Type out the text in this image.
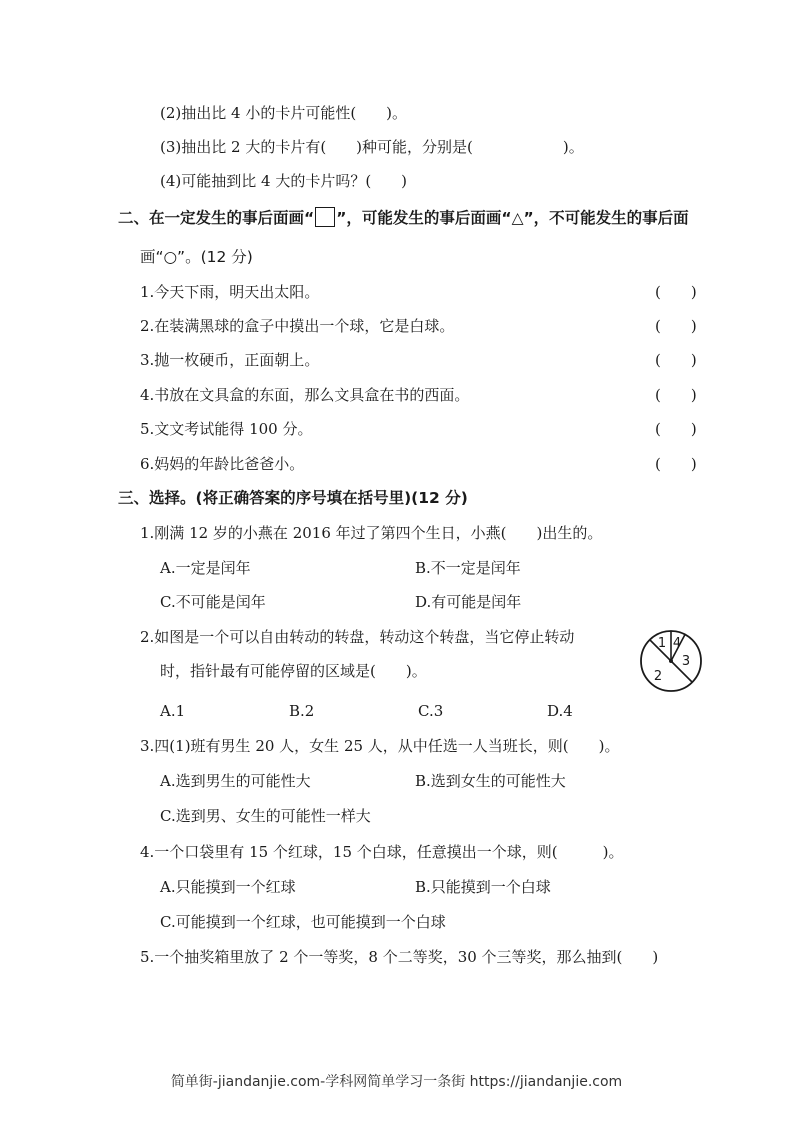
(2)抽出比 4 小的卡片可能性(　　)。
(3)抽出比 2 大的卡片有(　　)种可能，分别是(　　　　　　)。
(4)可能抽到比 4 大的卡片吗？(　　)
二、在一定发生的事后面画“ ”，可能发生的事后面画“△”，不可能发生的事后面
画“○”。(12 分)
1.今天下雨，明天出太阳。	(　　)
2.在装满黑球的盒子中摸出一个球，它是白球。	(　　)
3.抛一枚硬币，正面朝上。	(　　)
4.书放在文具盒的东面，那么文具盒在书的西面。	(　　)
5.文文考试能得 100 分。	(　　)
6.妈妈的年龄比爸爸小。	(　　)
三、选择。(将正确答案的序号填在括号里)(12 分)
1.刚满 12 岁的小燕在 2016 年过了第四个生日，小燕(　　)出生的。
A.一定是闰年	B.不一定是闰年
C.不可能是闰年	D.有可能是闰年
2.如图是一个可以自由转动的转盘，转动这个转盘，当它停止转动
时，指针最有可能停留的区域是(　　)。
1 4
3
2
A.1	B.2	C.3	D.4
3.四(1)班有男生 20 人，女生 25 人，从中任选一人当班长，则(　　)。
A.选到男生的可能性大	B.选到女生的可能性大
C.选到男、女生的可能性一样大
4.一个口袋里有 15 个红球，15 个白球，任意摸出一个球，则(　　　)。
A.只能摸到一个红球	B.只能摸到一个白球
C.可能摸到一个红球，也可能摸到一个白球
5.一个抽奖箱里放了 2 个一等奖，8 个二等奖，30 个三等奖，那么抽到(　　)
简单街-jiandanjie.com-学科网简单学习一条街 https://jiandanjie.com
